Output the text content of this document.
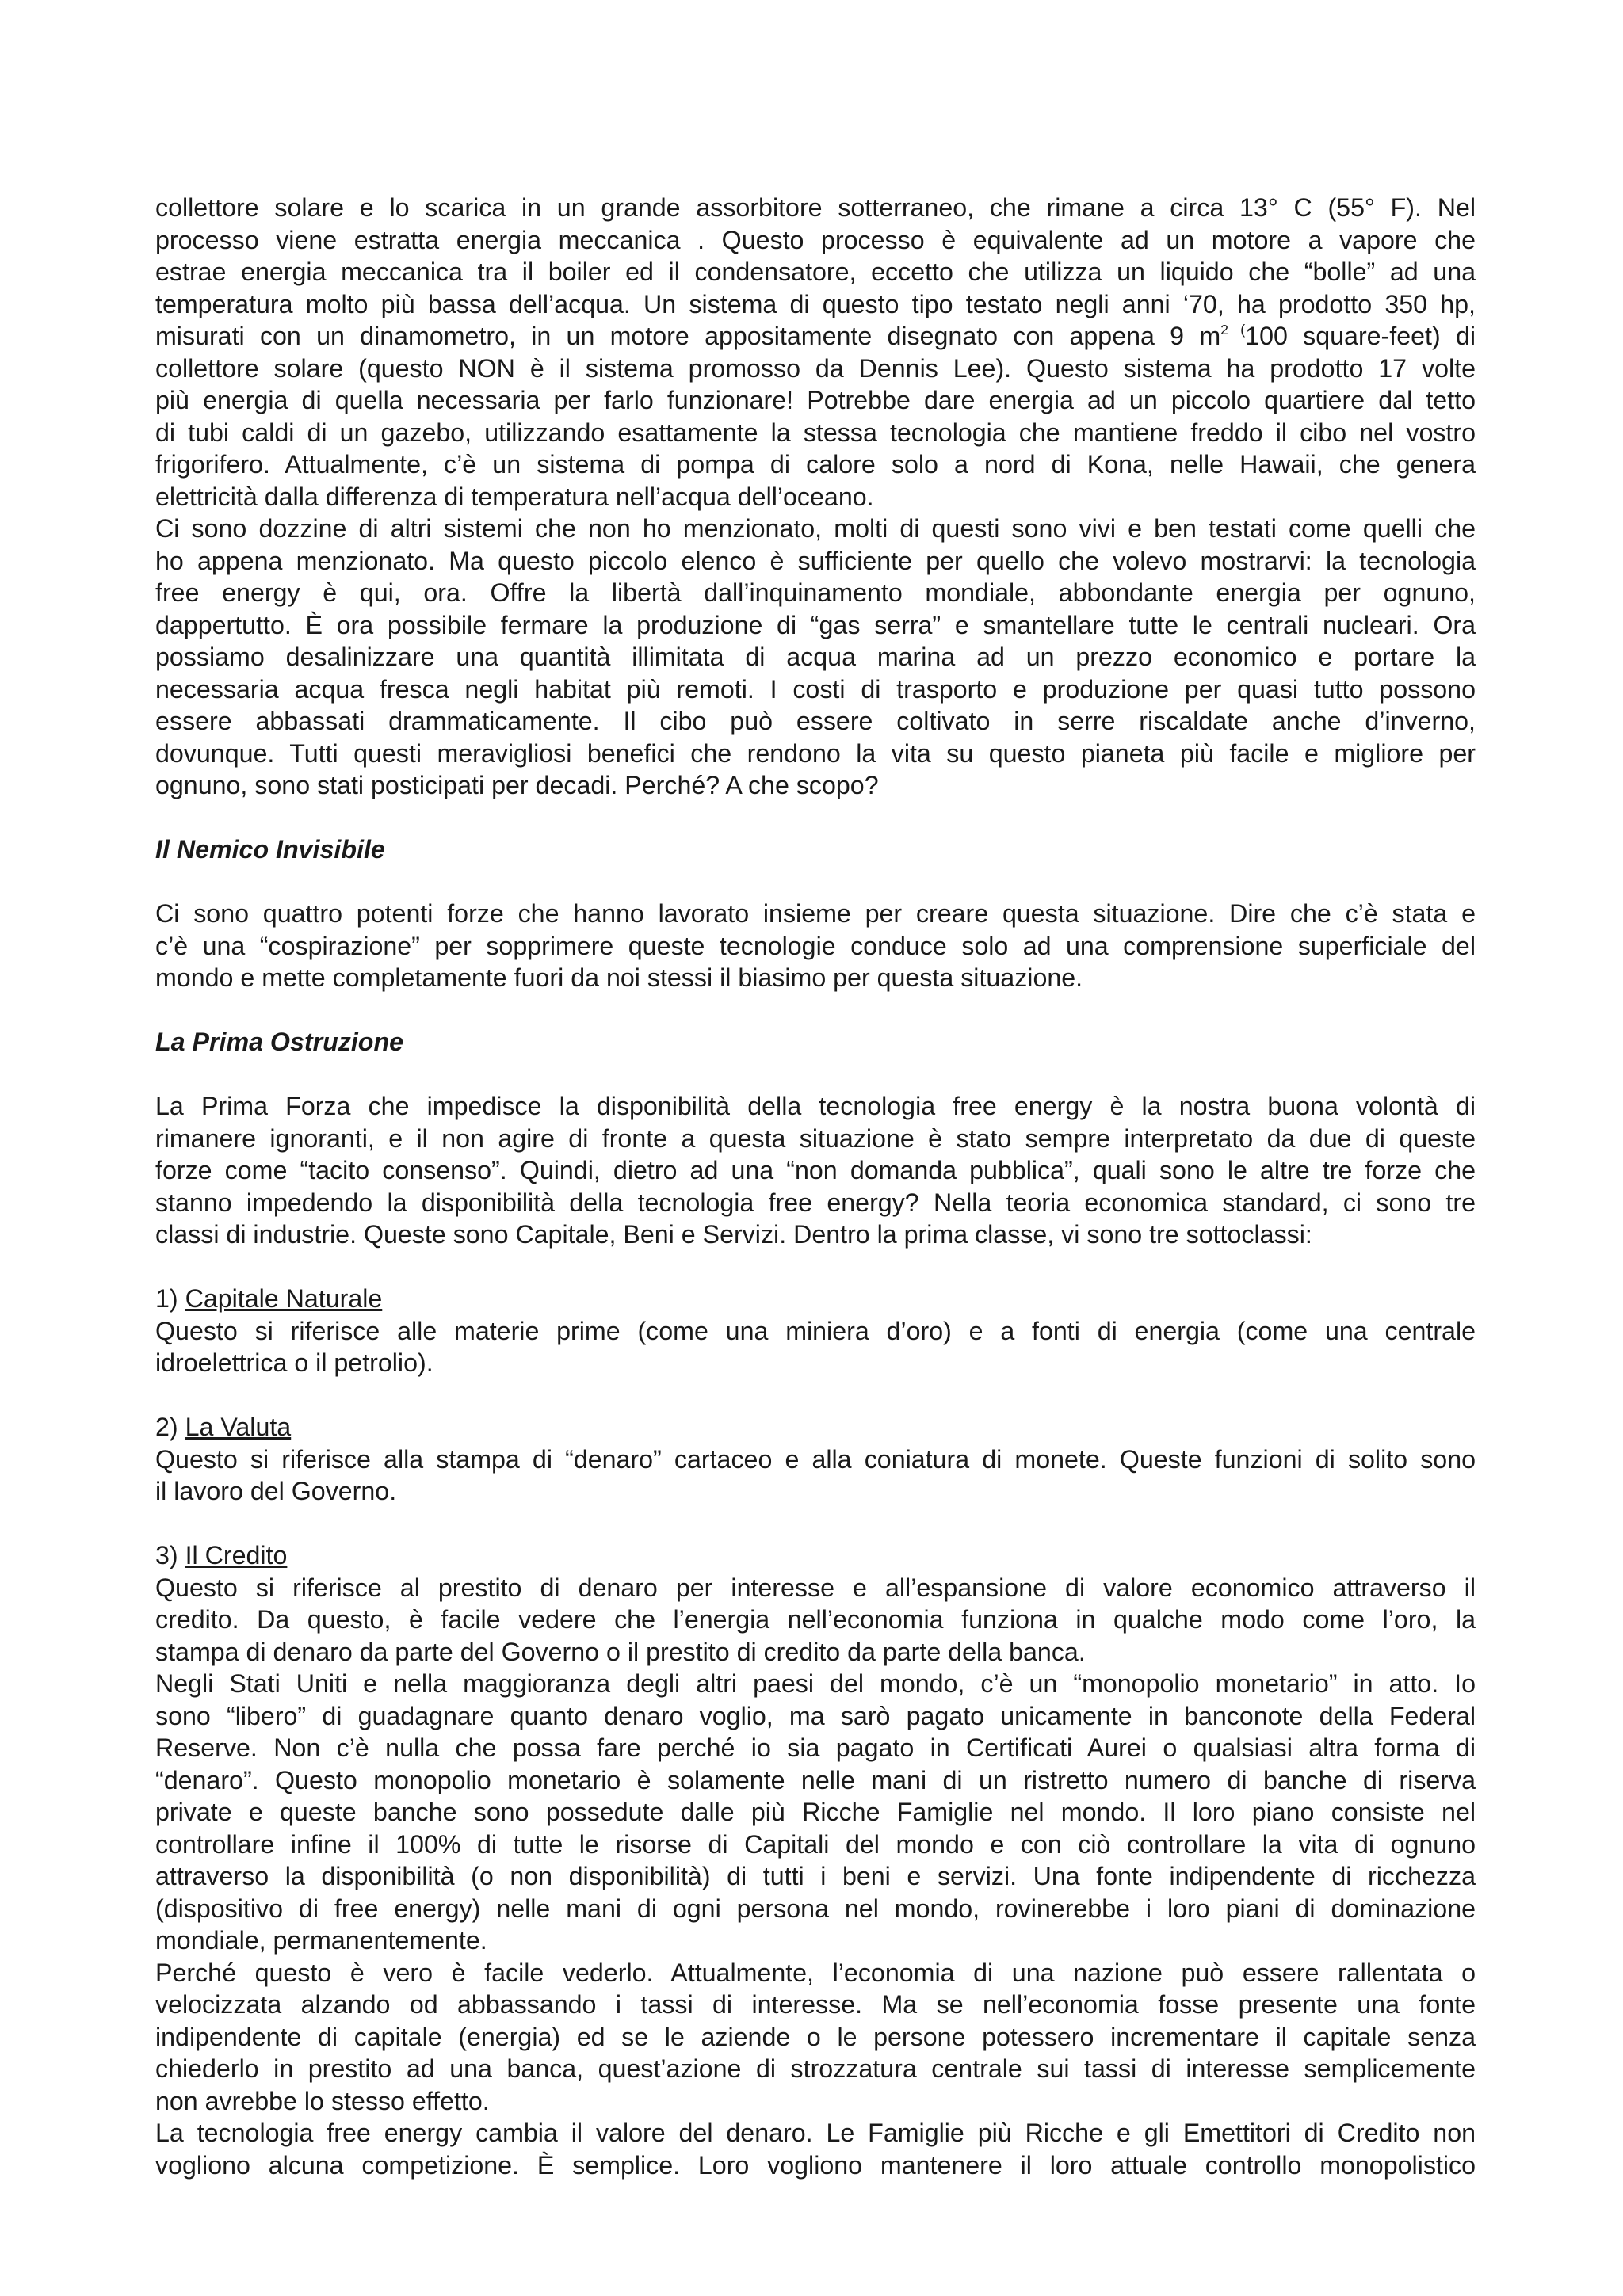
collettore solare e lo scarica in un grande assorbitore sotterraneo, che rimane a circa 13° C (55° F). Nel
processo viene estratta energia meccanica . Questo processo è equivalente ad un motore a vapore che
estrae energia meccanica tra il boiler ed il condensatore, eccetto che utilizza un liquido che “bolle” ad una
temperatura molto più bassa dell’acqua. Un sistema di questo tipo testato negli anni ‘70, ha prodotto 350 hp,
misurati con un dinamometro, in un motore appositamente disegnato con appena 9 $m^{2 (}100$ square-feet) di
collettore solare (questo NON è il sistema promosso da Dennis Lee). Questo sistema ha prodotto 17 volte
più energia di quella necessaria per farlo funzionare! Potrebbe dare energia ad un piccolo quartiere dal tetto
di tubi caldi di un gazebo, utilizzando esattamente la stessa tecnologia che mantiene freddo il cibo nel vostro
frigorifero. Attualmente, c’è un sistema di pompa di calore solo a nord di Kona, nelle Hawaii, che genera
elettricità dalla differenza di temperatura nell’acqua dell’oceano.
Ci sono dozzine di altri sistemi che non ho menzionato, molti di questi sono vivi e ben testati come quelli che
ho appena menzionato. Ma questo piccolo elenco è sufficiente per quello che volevo mostrarvi: la tecnologia
free energy è qui, ora. Offre la libertà dall’inquinamento mondiale, abbondante energia per ognuno,
dappertutto. È ora possibile fermare la produzione di “gas serra” e smantellare tutte le centrali nucleari. Ora
possiamo desalinizzare una quantità illimitata di acqua marina ad un prezzo economico e portare la
necessaria acqua fresca negli habitat più remoti. I costi di trasporto e produzione per quasi tutto possono
essere abbassati drammaticamente. Il cibo può essere coltivato in serre riscaldate anche d’inverno,
dovunque. Tutti questi meravigliosi benefici che rendono la vita su questo pianeta più facile e migliore per
ognuno, sono stati posticipati per decadi. Perché? A che scopo?
Il Nemico Invisibile
Ci sono quattro potenti forze che hanno lavorato insieme per creare questa situazione. Dire che c’è stata e
c’è una “cospirazione” per sopprimere queste tecnologie conduce solo ad una comprensione superficiale del
mondo e mette completamente fuori da noi stessi il biasimo per questa situazione.
La Prima Ostruzione
La Prima Forza che impedisce la disponibilità della tecnologia free energy è la nostra buona volontà di
rimanere ignoranti, e il non agire di fronte a questa situazione è stato sempre interpretato da due di queste
forze come “tacito consenso”. Quindi, dietro ad una “non domanda pubblica”, quali sono le altre tre forze che
stanno impedendo la disponibilità della tecnologia free energy? Nella teoria economica standard, ci sono tre
classi di industrie. Queste sono Capitale, Beni e Servizi. Dentro la prima classe, vi sono tre sottoclassi:
1) Capitale Naturale
Questo si riferisce alle materie prime (come una miniera d’oro) e a fonti di energia (come una centrale
idroelettrica o il petrolio).
2) La Valuta
Questo si riferisce alla stampa di “denaro” cartaceo e alla coniatura di monete. Queste funzioni di solito sono
il lavoro del Governo.
3) Il Credito
Questo si riferisce al prestito di denaro per interesse e all’espansione di valore economico attraverso il
credito. Da questo, è facile vedere che l’energia nell’economia funziona in qualche modo come l’oro, la
stampa di denaro da parte del Governo o il prestito di credito da parte della banca.
Negli Stati Uniti e nella maggioranza degli altri paesi del mondo, c’è un “monopolio monetario” in atto. Io
sono “libero” di guadagnare quanto denaro voglio, ma sarò pagato unicamente in banconote della Federal
Reserve. Non c’è nulla che possa fare perché io sia pagato in Certificati Aurei o qualsiasi altra forma di
“denaro”. Questo monopolio monetario è solamente nelle mani di un ristretto numero di banche di riserva
private e queste banche sono possedute dalle più Ricche Famiglie nel mondo. Il loro piano consiste nel
controllare infine il 100% di tutte le risorse di Capitali del mondo e con ciò controllare la vita di ognuno
attraverso la disponibilità (o non disponibilità) di tutti i beni e servizi. Una fonte indipendente di ricchezza
(dispositivo di free energy) nelle mani di ogni persona nel mondo, rovinerebbe i loro piani di dominazione
mondiale, permanentemente.
Perché questo è vero è facile vederlo. Attualmente, l’economia di una nazione può essere rallentata o
velocizzata alzando od abbassando i tassi di interesse. Ma se nell’economia fosse presente una fonte
indipendente di capitale (energia) ed se le aziende o le persone potessero incrementare il capitale senza
chiederlo in prestito ad una banca, quest’azione di strozzatura centrale sui tassi di interesse semplicemente
non avrebbe lo stesso effetto.
La tecnologia free energy cambia il valore del denaro. Le Famiglie più Ricche e gli Emettitori di Credito non
vogliono alcuna competizione. È semplice. Loro vogliono mantenere il loro attuale controllo monopolistico
